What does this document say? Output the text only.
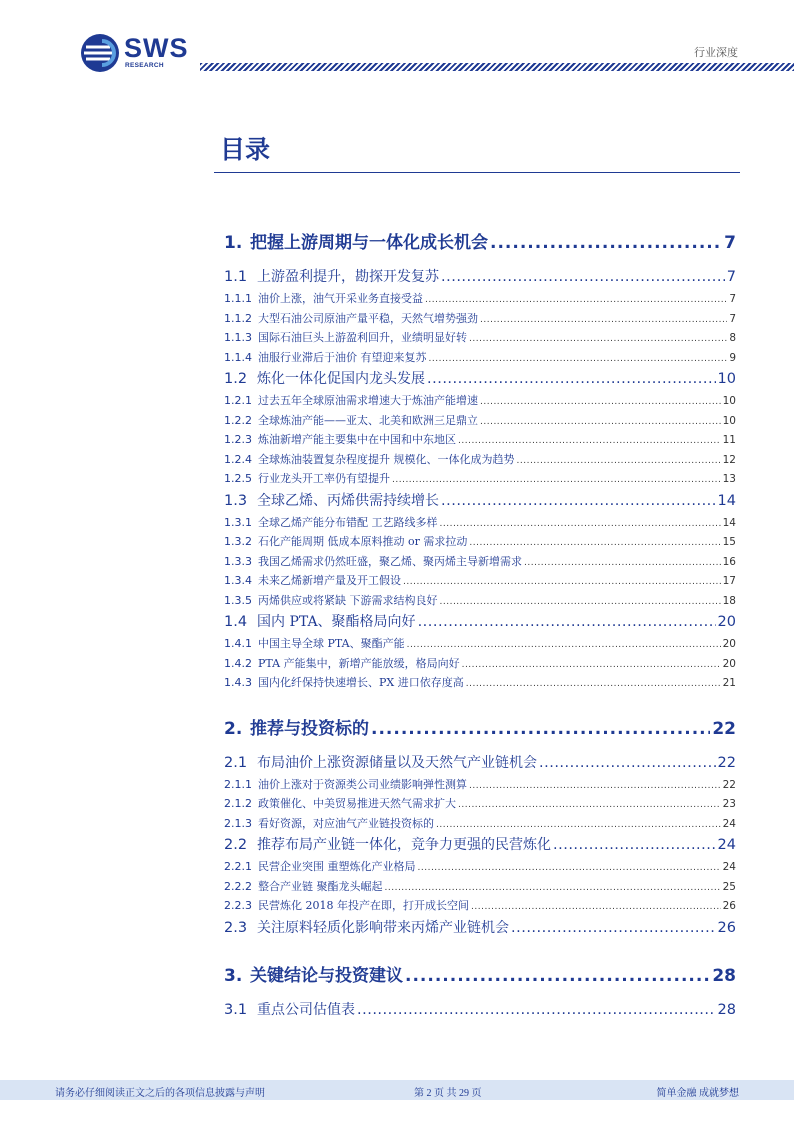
SWS
RESEARCH
行业深度
目录
1. 把握上游周期与一体化成长机会 .....	7
1.1 上游盈利提升，勘探开发复苏 .....	7
1.1.1 油价上涨，油气开采业务直接受益 .....	7
1.1.2 大型石油公司原油产量平稳，天然气增势强劲 .....	7
1.1.3 国际石油巨头上游盈利回升，业绩明显好转 .....	8
1.1.4 油服行业滞后于油价 有望迎来复苏 .....	9
1.2 炼化一体化促国内龙头发展 .....	10
1.2.1 过去五年全球原油需求增速大于炼油产能增速 .....	10
1.2.2 全球炼油产能——亚太、北美和欧洲三足鼎立 .....	10
1.2.3 炼油新增产能主要集中在中国和中东地区 .....	11
1.2.4 全球炼油装置复杂程度提升 规模化、一体化成为趋势 .....	12
1.2.5 行业龙头开工率仍有望提升 .....	13
1.3 全球乙烯、丙烯供需持续增长 .....	14
1.3.1 全球乙烯产能分布错配 工艺路线多样 .....	14
1.3.2 石化产能周期 低成本原料推动 or 需求拉动 .....	15
1.3.3 我国乙烯需求仍然旺盛，聚乙烯、聚丙烯主导新增需求 .....	16
1.3.4 未来乙烯新增产量及开工假设 .....	17
1.3.5 丙烯供应或将紧缺 下游需求结构良好 .....	18
1.4 国内 PTA、聚酯格局向好 .....	20
1.4.1 中国主导全球 PTA、聚酯产能 .....	20
1.4.2 PTA 产能集中，新增产能放缓，格局向好 .....	20
1.4.3 国内化纤保持快速增长、PX 进口依存度高 .....	21
2. 推荐与投资标的 .....	22
2.1 布局油价上涨资源储量以及天然气产业链机会 .....	22
2.1.1 油价上涨对于资源类公司业绩影响弹性测算 .....	22
2.1.2 政策催化、中美贸易推进天然气需求扩大 .....	23
2.1.3 看好资源，对应油气产业链投资标的 .....	24
2.2 推荐布局产业链一体化，竞争力更强的民营炼化 .....	24
2.2.1 民营企业突围 重塑炼化产业格局 .....	24
2.2.2 整合产业链 聚酯龙头崛起 .....	25
2.2.3 民营炼化 2018 年投产在即，打开成长空间 .....	26
2.3 关注原料轻质化影响带来丙烯产业链机会 .....	26
3. 关键结论与投资建议 .....	28
3.1 重点公司估值表 .....	28
请务必仔细阅读正文之后的各项信息披露与声明	第 2 页 共 29 页	简单金融 成就梦想
